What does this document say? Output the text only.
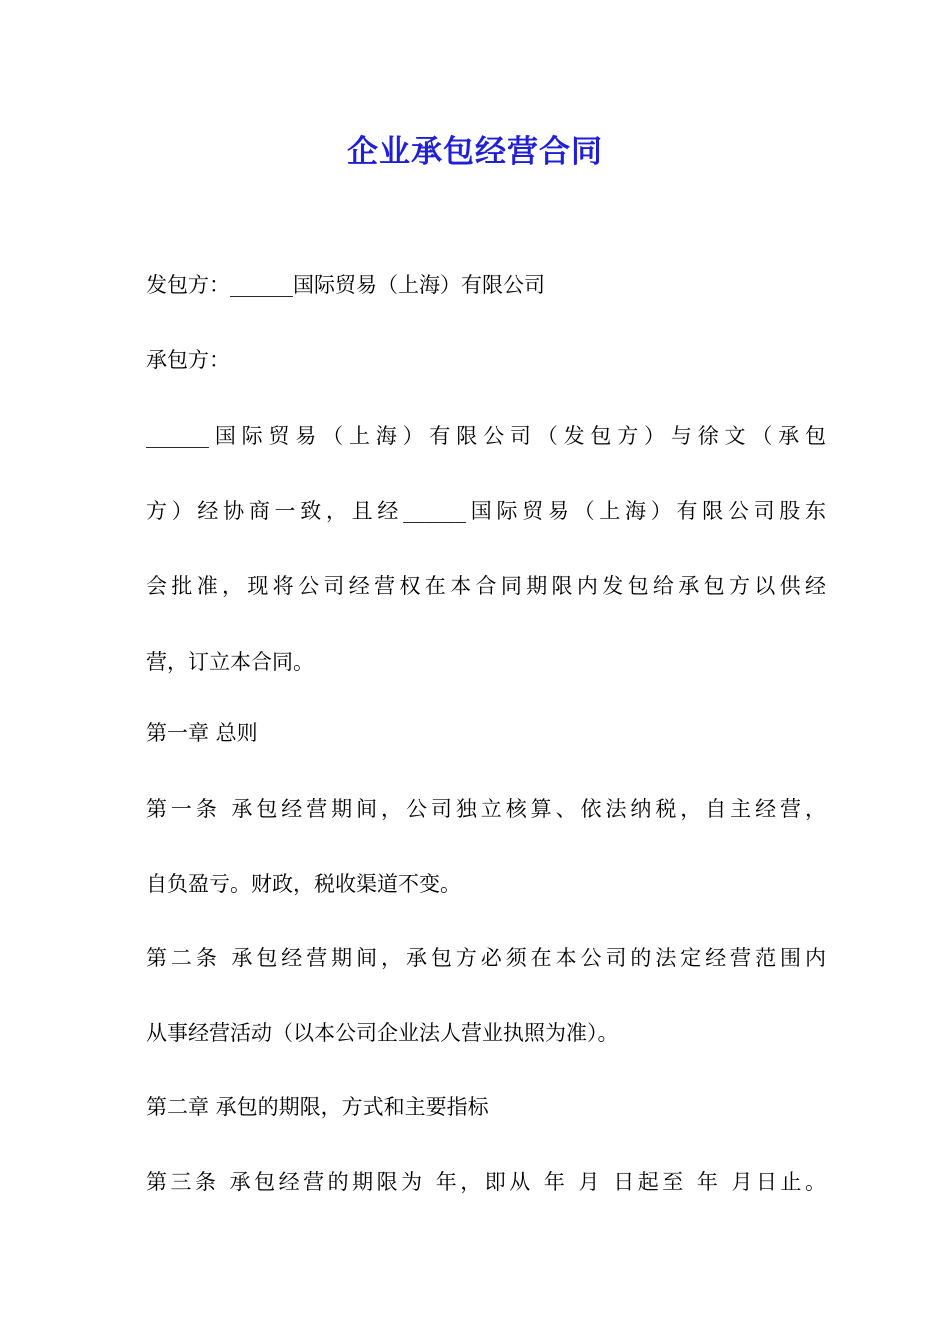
企业承包经营合同
发包方：______国际贸易（上海）有限公司
承包方：
______国际贸易（上海）有限公司（发包方）与徐文（承包
方）经协商一致，且经______国际贸易（上海）有限公司股东
会批准，现将公司经营权在本合同期限内发包给承包方以供经
营，订立本合同。
第一章 总则
第一条 承包经营期间，公司独立核算、依法纳税，自主经营，
自负盈亏。财政，税收渠道不变。
第二条 承包经营期间，承包方必须在本公司的法定经营范围内
从事经营活动（以本公司企业法人营业执照为准）。
第二章 承包的期限，方式和主要指标
第三条 承包经营的期限为 年，即从 年 月 日起至 年 月日止。
